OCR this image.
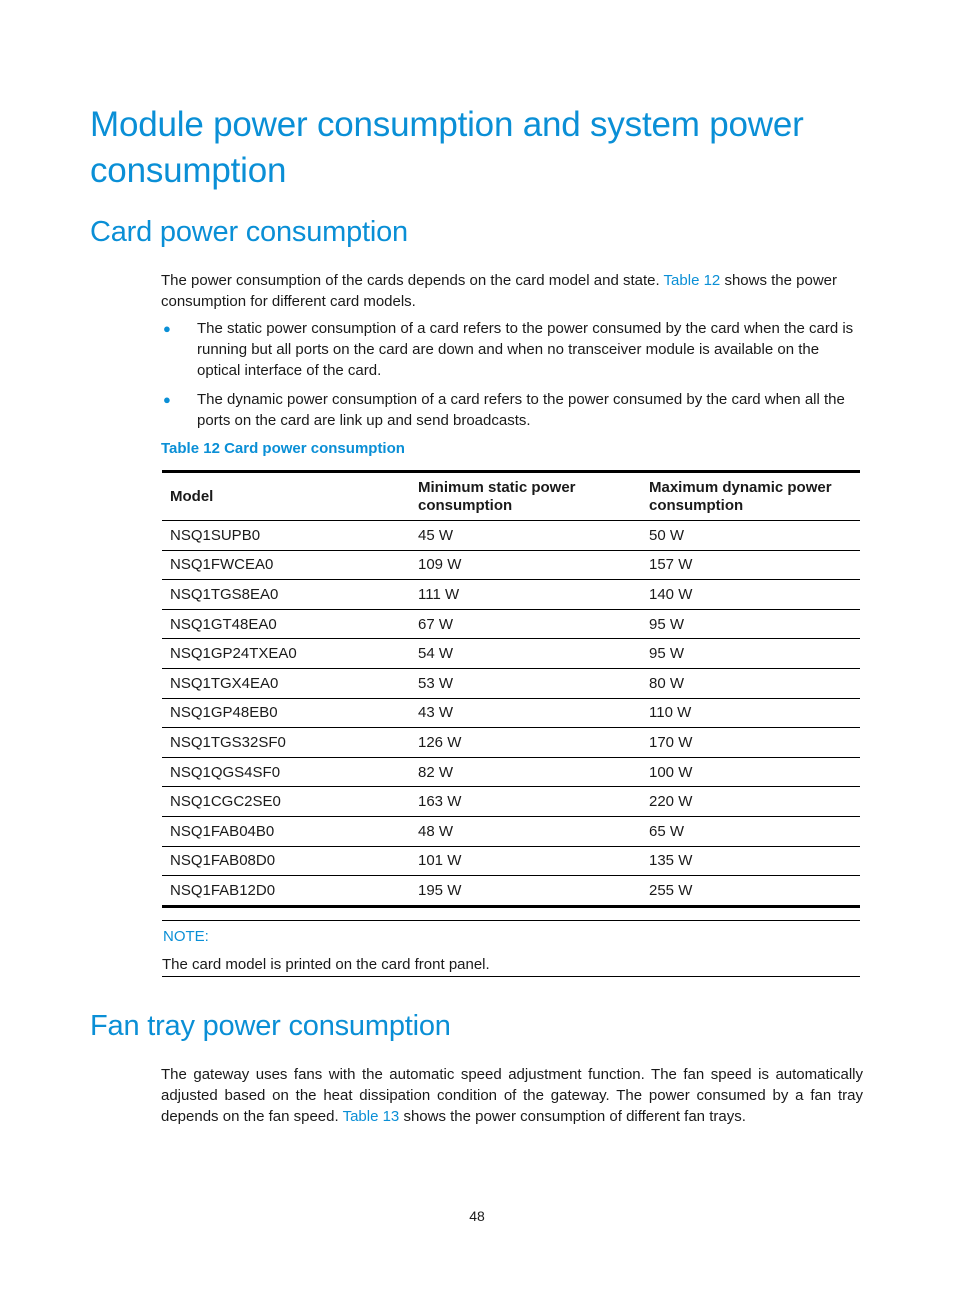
Module power consumption and system power consumption
Card power consumption

The power consumption of the cards depends on the card model and state. Table 12 shows the power consumption for different card models.

● The static power consumption of a card refers to the power consumed by the card when the card is running but all ports on the card are down and when no transceiver module is available on the optical interface of the card.
● The dynamic power consumption of a card refers to the power consumed by the card when all the ports on the card are link up and send broadcasts.

Table 12 Card power consumption

Model	Minimum static power consumption	Maximum dynamic power consumption
NSQ1SUPB0	45 W	50 W
NSQ1FWCEA0	109 W	157 W
NSQ1TGS8EA0	111 W	140 W
NSQ1GT48EA0	67 W	95 W
NSQ1GP24TXEA0	54 W	95 W
NSQ1TGX4EA0	53 W	80 W
NSQ1GP48EB0	43 W	110 W
NSQ1TGS32SF0	126 W	170 W
NSQ1QGS4SF0	82 W	100 W
NSQ1CGC2SE0	163 W	220 W
NSQ1FAB04B0	48 W	65 W
NSQ1FAB08D0	101 W	135 W
NSQ1FAB12D0	195 W	255 W
NOTE:
The card model is printed on the card front panel.
Fan tray power consumption

The gateway uses fans with the automatic speed adjustment function. The fan speed is automatically adjusted based on the heat dissipation condition of the gateway. The power consumed by a fan tray depends on the fan speed. Table 13 shows the power consumption of different fan trays.

48
